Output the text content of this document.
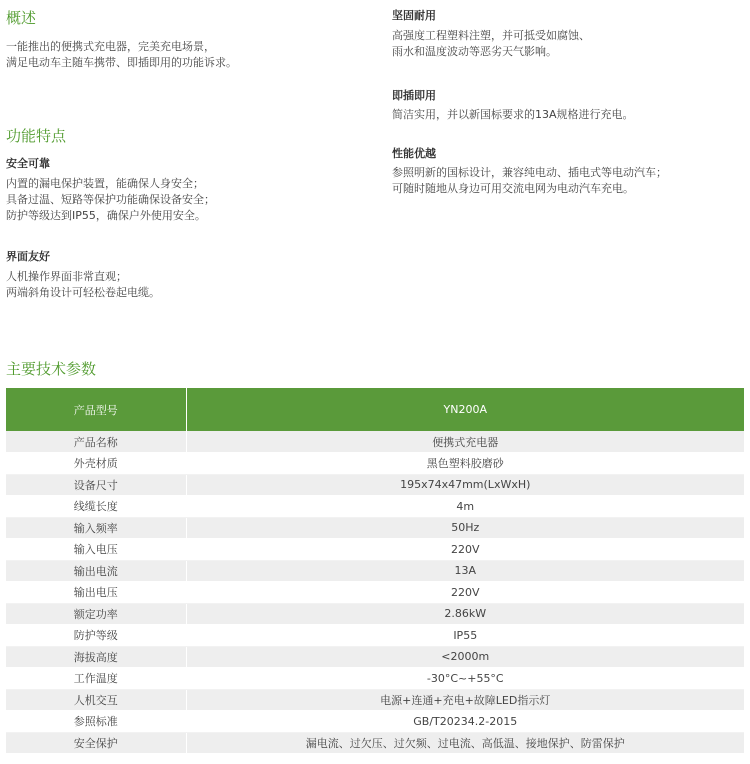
概述
一能推出的便携式充电器，完美充电场景，
满足电动车主随车携带、即插即用的功能诉求。
功能特点
安全可靠
内置的漏电保护装置，能确保人身安全；
具备过温、短路等保护功能确保设备安全；
防护等级达到IP55，确保户外使用安全。
界面友好
人机操作界面非常直观；
两端斜角设计可轻松卷起电缆。
坚固耐用
高强度工程塑料注塑，并可抵受如腐蚀、
雨水和温度波动等恶劣天气影响。
即插即用
简洁实用，并以新国标要求的13A规格进行充电。
性能优越
参照明新的国标设计，兼容纯电动、插电式等电动汽车；
可随时随地从身边可用交流电网为电动汽车充电。
主要技术参数
产品型号	YN200A
产品名称	便携式充电器
外壳材质	黑色塑料胶磨砂
设备尺寸	195x74x47mm(LxWxH)
线缆长度	4m
输入频率	50Hz
输入电压	220V
输出电流	13A
输出电压	220V
额定功率	2.86kW
防护等级	IP55
海拔高度	<2000m
工作温度	-30°C~+55°C
人机交互	电源+连通+充电+故障LED指示灯
参照标准	GB/T20234.2-2015
安全保护	漏电流、过欠压、过欠频、过电流、高低温、接地保护、防雷保护
